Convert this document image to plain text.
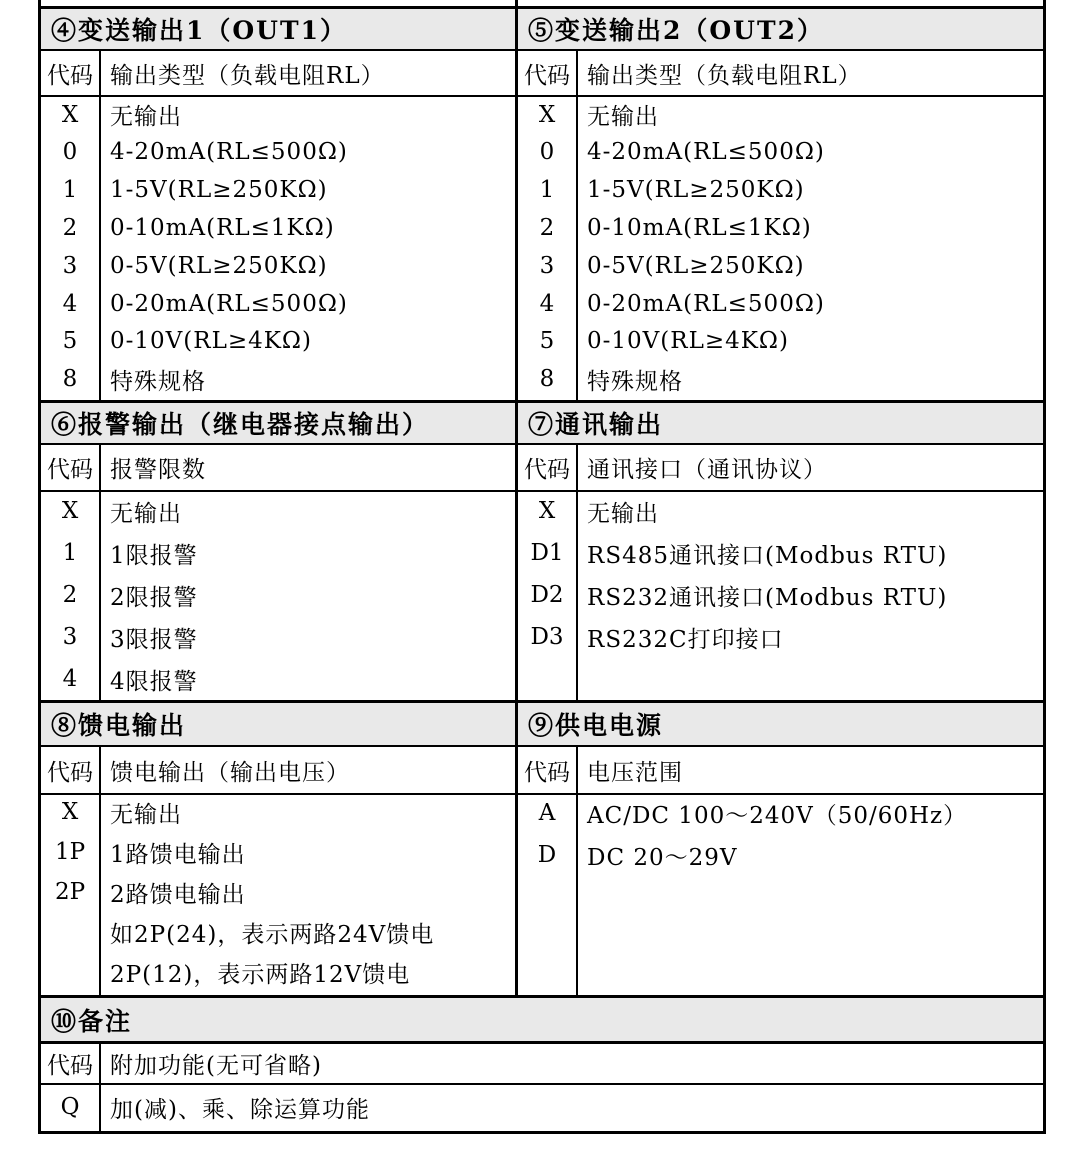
④变送输出1（OUT1）
代码 输出类型（负载电阻RL）
X	无输出
0	4-20mA(RL≤500Ω)
1	1-5V(RL≥250KΩ)
2	0-10mA(RL≤1KΩ)
3	0-5V(RL≥250KΩ)
4	0-20mA(RL≤500Ω)
5	0-10V(RL≥4KΩ)
8	特殊规格
⑤变送输出2（OUT2）
代码 输出类型（负载电阻RL）
X	无输出
0	4-20mA(RL≤500Ω)
1	1-5V(RL≥250KΩ)
2	0-10mA(RL≤1KΩ)
3	0-5V(RL≥250KΩ)
4	0-20mA(RL≤500Ω)
5	0-10V(RL≥4KΩ)
8	特殊规格
⑥报警输出（继电器接点输出）
代码 报警限数
X	无输出
1	1限报警
2	2限报警
3	3限报警
4	4限报警
⑦通讯输出
代码 通讯接口（通讯协议）
X	无输出
D1	RS485通讯接口(Modbus RTU)
D2	RS232通讯接口(Modbus RTU)
D3	RS232C打印接口
⑧馈电输出
代码 馈电输出（输出电压）
X	无输出
1P	1路馈电输出
2P	2路馈电输出
如2P(24)，表示两路24V馈电
2P(12)，表示两路12V馈电
⑨供电电源
代码 电压范围
A	AC/DC 100～240V（50/60Hz）
D	DC 20～29V
⑩备注
代码 附加功能(无可省略)
Q	加(减)、乘、除运算功能
